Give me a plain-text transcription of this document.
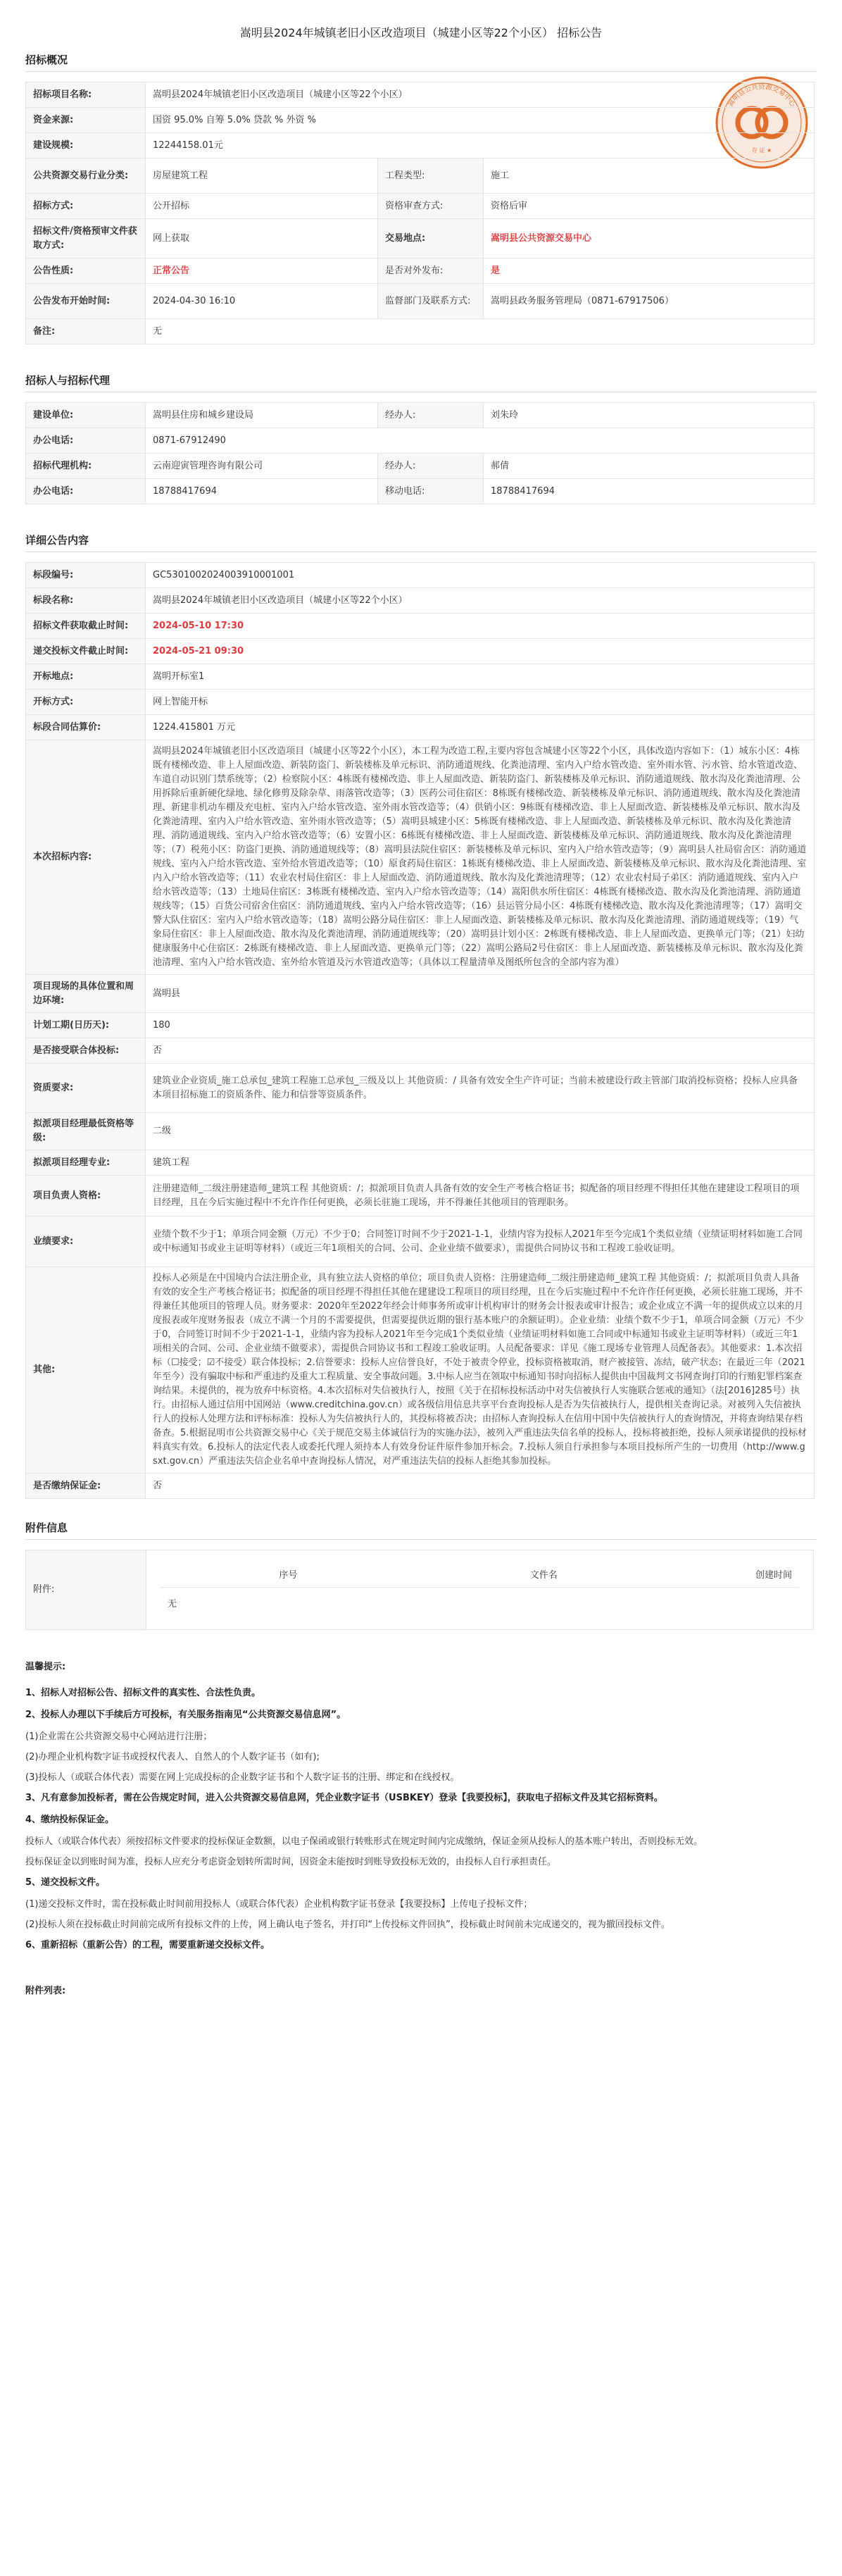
嵩明县2024年城镇老旧小区改造项目（城建小区等22个小区） 招标公告
嵩明县公共资源交易中心
存 证 ★
招标概况
招标项目名称:	嵩明县2024年城镇老旧小区改造项目（城建小区等22个小区）		
资金来源:	国资 95.0% 自筹 5.0% 贷款 % 外资 %		
建设规模:	12244158.01元		
公共资源交易行业分类:	房屋建筑工程	工程类型:	施工
招标方式:	公开招标	资格审查方式:	资格后审
招标文件/资格预审文件获取方式:	网上获取	交易地点:	嵩明县公共资源交易中心
公告性质:	正常公告	是否对外发布:	是
公告发布开始时间:	2024-04-30 16:10	监督部门及联系方式:	嵩明县政务服务管理局（0871-67917506）
备注:	无		
招标人与招标代理
建设单位:	嵩明县住房和城乡建设局	经办人:	刘朱玲
办公电话:	0871-67912490		
招标代理机构:	云南迎寅管理咨询有限公司	经办人:	郝倩
办公电话:	18788417694	移动电话:	18788417694
详细公告内容
标段编号:	GC5301002024003910001001
标段名称:	嵩明县2024年城镇老旧小区改造项目（城建小区等22个小区）
招标文件获取截止时间:	2024-05-10 17:30
递交投标文件截止时间:	2024-05-21 09:30
开标地点:	嵩明开标室1
开标方式:	网上智能开标
标段合同估算价:	1224.415801 万元
本次招标内容:	嵩明县2024年城镇老旧小区改造项目（城建小区等22个小区），本工程为改造工程,主要内容包含城建小区等22个小区，具体改造内容如下：（1）城东小区：4栋既有楼梯改造、非上人屋面改造、新装防盗门、新装楼栋及单元标识、消防通道规线、化粪池清理、室内入户给水管改造、室外雨水管、污水管、给水管道改造、车道自动识别门禁系统等；（2）检察院小区：4栋既有楼梯改造、非上人屋面改造、新装防盗门、新装楼栋及单元标识、消防通道规线、散水沟及化粪池清理、公用拆除后重新硬化绿地、绿化修剪及除杂草、雨落管改造等；（3）医药公司住宿区：8栋既有楼梯改造、新装楼栋及单元标识、消防通道规线、散水沟及化粪池清理、新建非机动车棚及充电桩、室内入户给水管改造、室外雨水管改造等；（4）供销小区：9栋既有楼梯改造、非上人屋面改造、新装楼栋及单元标识、散水沟及化粪池清理、室内入户给水管改造、室外雨水管改造等；（5）嵩明县城建小区：5栋既有楼梯改造、非上人屋面改造、新装楼栋及单元标识、散水沟及化粪池清理、消防通道规线、室内入户给水管改造等；（6）安置小区：6栋既有楼梯改造、非上人屋面改造、新装楼栋及单元标识、消防通道规线、散水沟及化粪池清理等；（7）税苑小区：防盗门更换、消防通道规线等；（8）嵩明县法院住宿区：新装楼栋及单元标识、室内入户给水管改造等；（9）嵩明县人社局宿舍区：消防通道规线、室内入户给水管改造、室外给水管道改造等；（10）原食药局住宿区：1栋既有楼梯改造、非上人屋面改造、新装楼栋及单元标识、散水沟及化粪池清理、室内入户给水管改造等；（11）农业农村局住宿区：非上人屋面改造、消防通道规线、散水沟及化粪池清理等；（12）农业农村局子弟区：消防通道规线、室内入户给水管改造等；（13）土地局住宿区：3栋既有楼梯改造、室内入户给水管改造等；（14）嵩阳供水所住宿区：4栋既有楼梯改造、散水沟及化粪池清理、消防通道规线等；（15）百货公司宿舍住宿区：消防通道规线、室内入户给水管改造等；（16）县运管分局小区：4栋既有楼梯改造、散水沟及化粪池清理等；（17）嵩明交警大队住宿区：室内入户给水管改造等；（18）嵩明公路分局住宿区：非上人屋面改造、新装楼栋及单元标识、散水沟及化粪池清理、消防通道规线等；（19）气象局住宿区：非上人屋面改造、散水沟及化粪池清理、消防通道规线等；（20）嵩明县计划小区：2栋既有楼梯改造、非上人屋面改造、更换单元门等；（21）妇幼健康服务中心住宿区：2栋既有楼梯改造、非上人屋面改造、更换单元门等；（22）嵩明公路局2号住宿区：非上人屋面改造、新装楼栋及单元标识、散水沟及化粪池清理、室内入户给水管改造、室外给水管道及污水管道改造等；（具体以工程量清单及图纸所包含的全部内容为准）
项目现场的具体位置和周边环境:	嵩明县
计划工期(日历天):	180
是否接受联合体投标:	否
资质要求:	建筑业企业资质_施工总承包_建筑工程施工总承包_三级及以上 其他资质：/ 具备有效安全生产许可证；当前未被建设行政主管部门取消投标资格；投标人应具备本项目招标施工的资质条件、能力和信誉等资质条件。
拟派项目经理最低资格等级:	二级
拟派项目经理专业:	建筑工程
项目负责人资格:	注册建造师_二级注册建造师_建筑工程 其他资质：/；拟派项目负责人具备有效的安全生产考核合格证书；拟配备的项目经理不得担任其他在建建设工程项目的项目经理，且在今后实施过程中不允许作任何更换，必须长驻施工现场，并不得兼任其他项目的管理职务。
业绩要求:	业绩个数不少于1；单项合同金额（万元）不少于0；合同签订时间不少于2021-1-1，业绩内容为投标人2021年至今完成1个类似业绩（业绩证明材料如施工合同或中标通知书或业主证明等材料）（或近三年1项相关的合同、公司、企业业绩不做要求），需提供合同协议书和工程竣工验收证明。
其他:	投标人必须是在中国境内合法注册企业，具有独立法人资格的单位；项目负责人资格：注册建造师_二级注册建造师_建筑工程 其他资质：/；拟派项目负责人具备有效的安全生产考核合格证书；拟配备的项目经理不得担任其他在建建设工程项目的项目经理，且在今后实施过程中不允许作任何更换，必须长驻施工现场，并不得兼任其他项目的管理人员。财务要求：2020年至2022年经会计师事务所或审计机构审计的财务会计报表或审计报告；或企业成立不满一年的提供成立以来的月度报表或年度财务报表（成立不满一个月的不需要提供，但需要提供近期的银行基本账户的余额证明）。企业业绩：业绩个数不少于1，单项合同金额（万元）不少于0，合同签订时间不少于2021-1-1，业绩内容为投标人2021年至今完成1个类似业绩（业绩证明材料如施工合同或中标通知书或业主证明等材料）（或近三年1项相关的合同、公司、企业业绩不做要求），需提供合同协议书和工程竣工验收证明。人员配备要求：详见《施工现场专业管理人员配备表》。其他要求：1.本次招标（☐接受；☑不接受）联合体投标；2.信誉要求：投标人应信誉良好，不处于被责令停业，投标资格被取消，财产被接管、冻结，破产状态；在最近三年（2021年至今）没有骗取中标和严重违约及重大工程质量、安全事故问题。3.中标人应当在领取中标通知书时向招标人提供由中国裁判文书网查询打印的行贿犯罪档案查询结果。未提供的，视为放弃中标资格。4.本次招标对失信被执行人，按照《关于在招标投标活动中对失信被执行人实施联合惩戒的通知》（法[2016]285号）执行。由招标人通过信用中国网站（www.creditchina.gov.cn）或各级信用信息共享平台查询投标人是否为失信被执行人，提供相关查询记录。对被列入失信被执行人的投标人处理方法和评标标准：投标人为失信被执行人的，其投标将被否决；由招标人查询投标人在信用中国中失信被执行人的查询情况，并将查询结果存档备查。5.根据昆明市公共资源交易中心《关于规范交易主体诚信行为的实施办法》，被列入严重违法失信名单的投标人，投标将被拒绝，投标人须承诺提供的投标材料真实有效。6.投标人的法定代表人或委托代理人须持本人有效身份证件原件参加开标会。7.投标人须自行承担参与本项目投标所产生的一切费用（http://www.gsxt.gov.cn）严重违法失信企业名单中查询投标人情况，对严重违法失信的投标人拒绝其参加投标。
是否缴纳保证金:	否
附件信息
附件:	
序号	文件名	创建时间
无
温馨提示:
1、招标人对招标公告、招标文件的真实性、合法性负责。
2、投标人办理以下手续后方可投标，有关服务指南见“公共资源交易信息网”。
(1)企业需在公共资源交易中心网站进行注册；
(2)办理企业机构数字证书或授权代表人、自然人的个人数字证书（如有);
(3)投标人（或联合体代表）需要在网上完成投标的企业数字证书和个人数字证书的注册、绑定和在线授权。
3、凡有意参加投标者，需在公告规定时间，进入公共资源交易信息网，凭企业数字证书（USBKEY）登录【我要投标】，获取电子招标文件及其它招标资料。
4、缴纳投标保证金。
投标人（或联合体代表）须按招标文件要求的投标保证金数额，以电子保函或银行转账形式在规定时间内完成缴纳，保证金须从投标人的基本账户转出，否则投标无效。
投标保证金以到账时间为准，投标人应充分考虑资金划转所需时间，因资金未能按时到账导致投标无效的，由投标人自行承担责任。
5、递交投标文件。
(1)递交投标文件时，需在投标截止时间前用投标人（或联合体代表）企业机构数字证书登录【我要投标】上传电子投标文件；
(2)投标人须在投标截止时间前完成所有投标文件的上传，网上确认电子签名，并打印“上传投标文件回执”，投标截止时间前未完成递交的，视为撤回投标文件。
6、重新招标（重新公告）的工程，需要重新递交投标文件。
附件列表:
